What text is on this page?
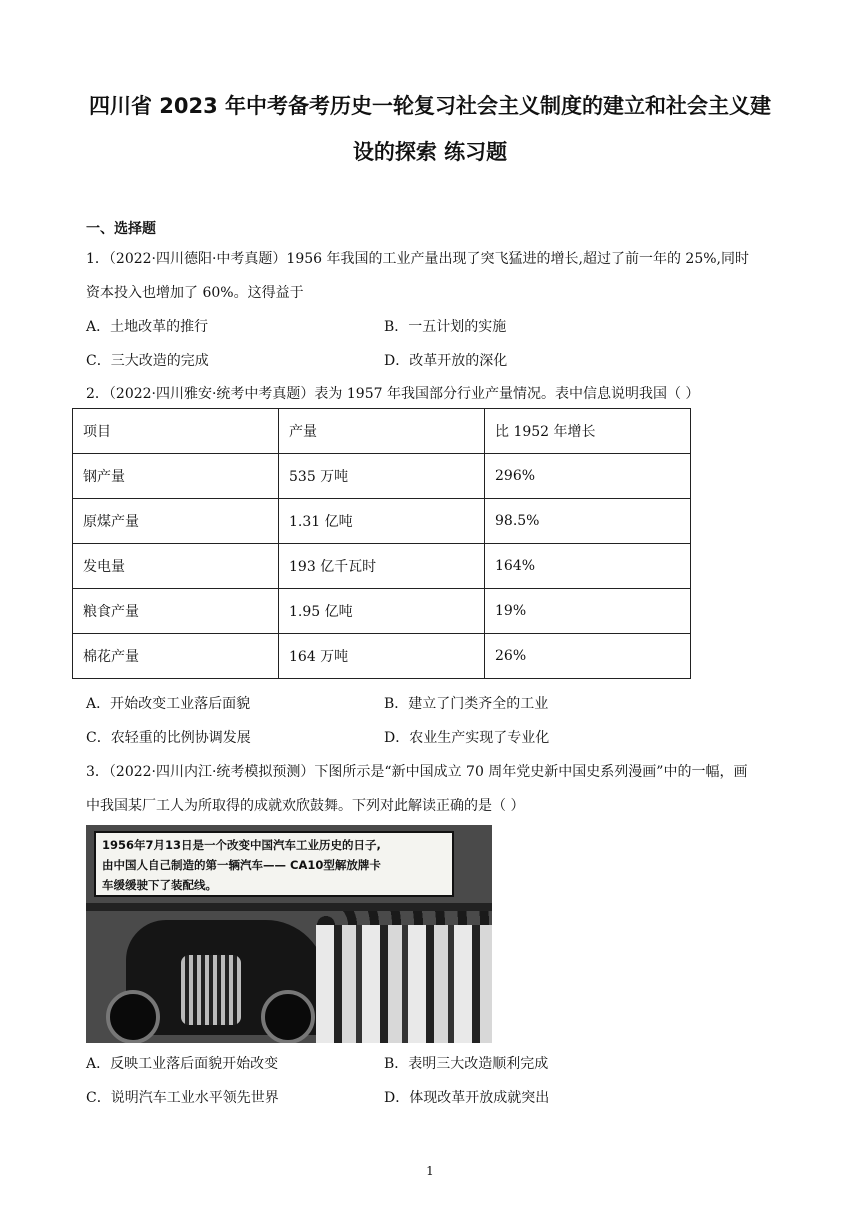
四川省 2023 年中考备考历史一轮复习社会主义制度的建立和社会主义建
设的探索 练习题
一、选择题
1．（2022·四川德阳·中考真题）1956 年我国的工业产量出现了突飞猛进的增长,超过了前一年的 25%,同时
资本投入也增加了 60%。这得益于
A．土地改革的推行	B．一五计划的实施
C．三大改造的完成	D．改革开放的深化
2．（2022·四川雅安·统考中考真题）表为 1957 年我国部分行业产量情况。表中信息说明我国（ ）
项目	产量	比 1952 年增长
钢产量	535 万吨	296%
原煤产量	1.31 亿吨	98.5%
发电量	193 亿千瓦时	164%
粮食产量	1.95 亿吨	19%
棉花产量	164 万吨	26%
A．开始改变工业落后面貌	B．建立了门类齐全的工业
C．农轻重的比例协调发展	D．农业生产实现了专业化
3．（2022·四川内江·统考模拟预测）下图所示是“新中国成立 70 周年党史新中国史系列漫画”中的一幅，画
中我国某厂工人为所取得的成就欢欣鼓舞。下列对此解读正确的是（ ）
1956年7月13日是一个改变中国汽车工业历史的日子,
由中国人自己制造的第一辆汽车—— CA10型解放牌卡
车缓缓驶下了装配线。
A．反映工业落后面貌开始改变	B．表明三大改造顺利完成
C．说明汽车工业水平领先世界	D．体现改革开放成就突出
1
